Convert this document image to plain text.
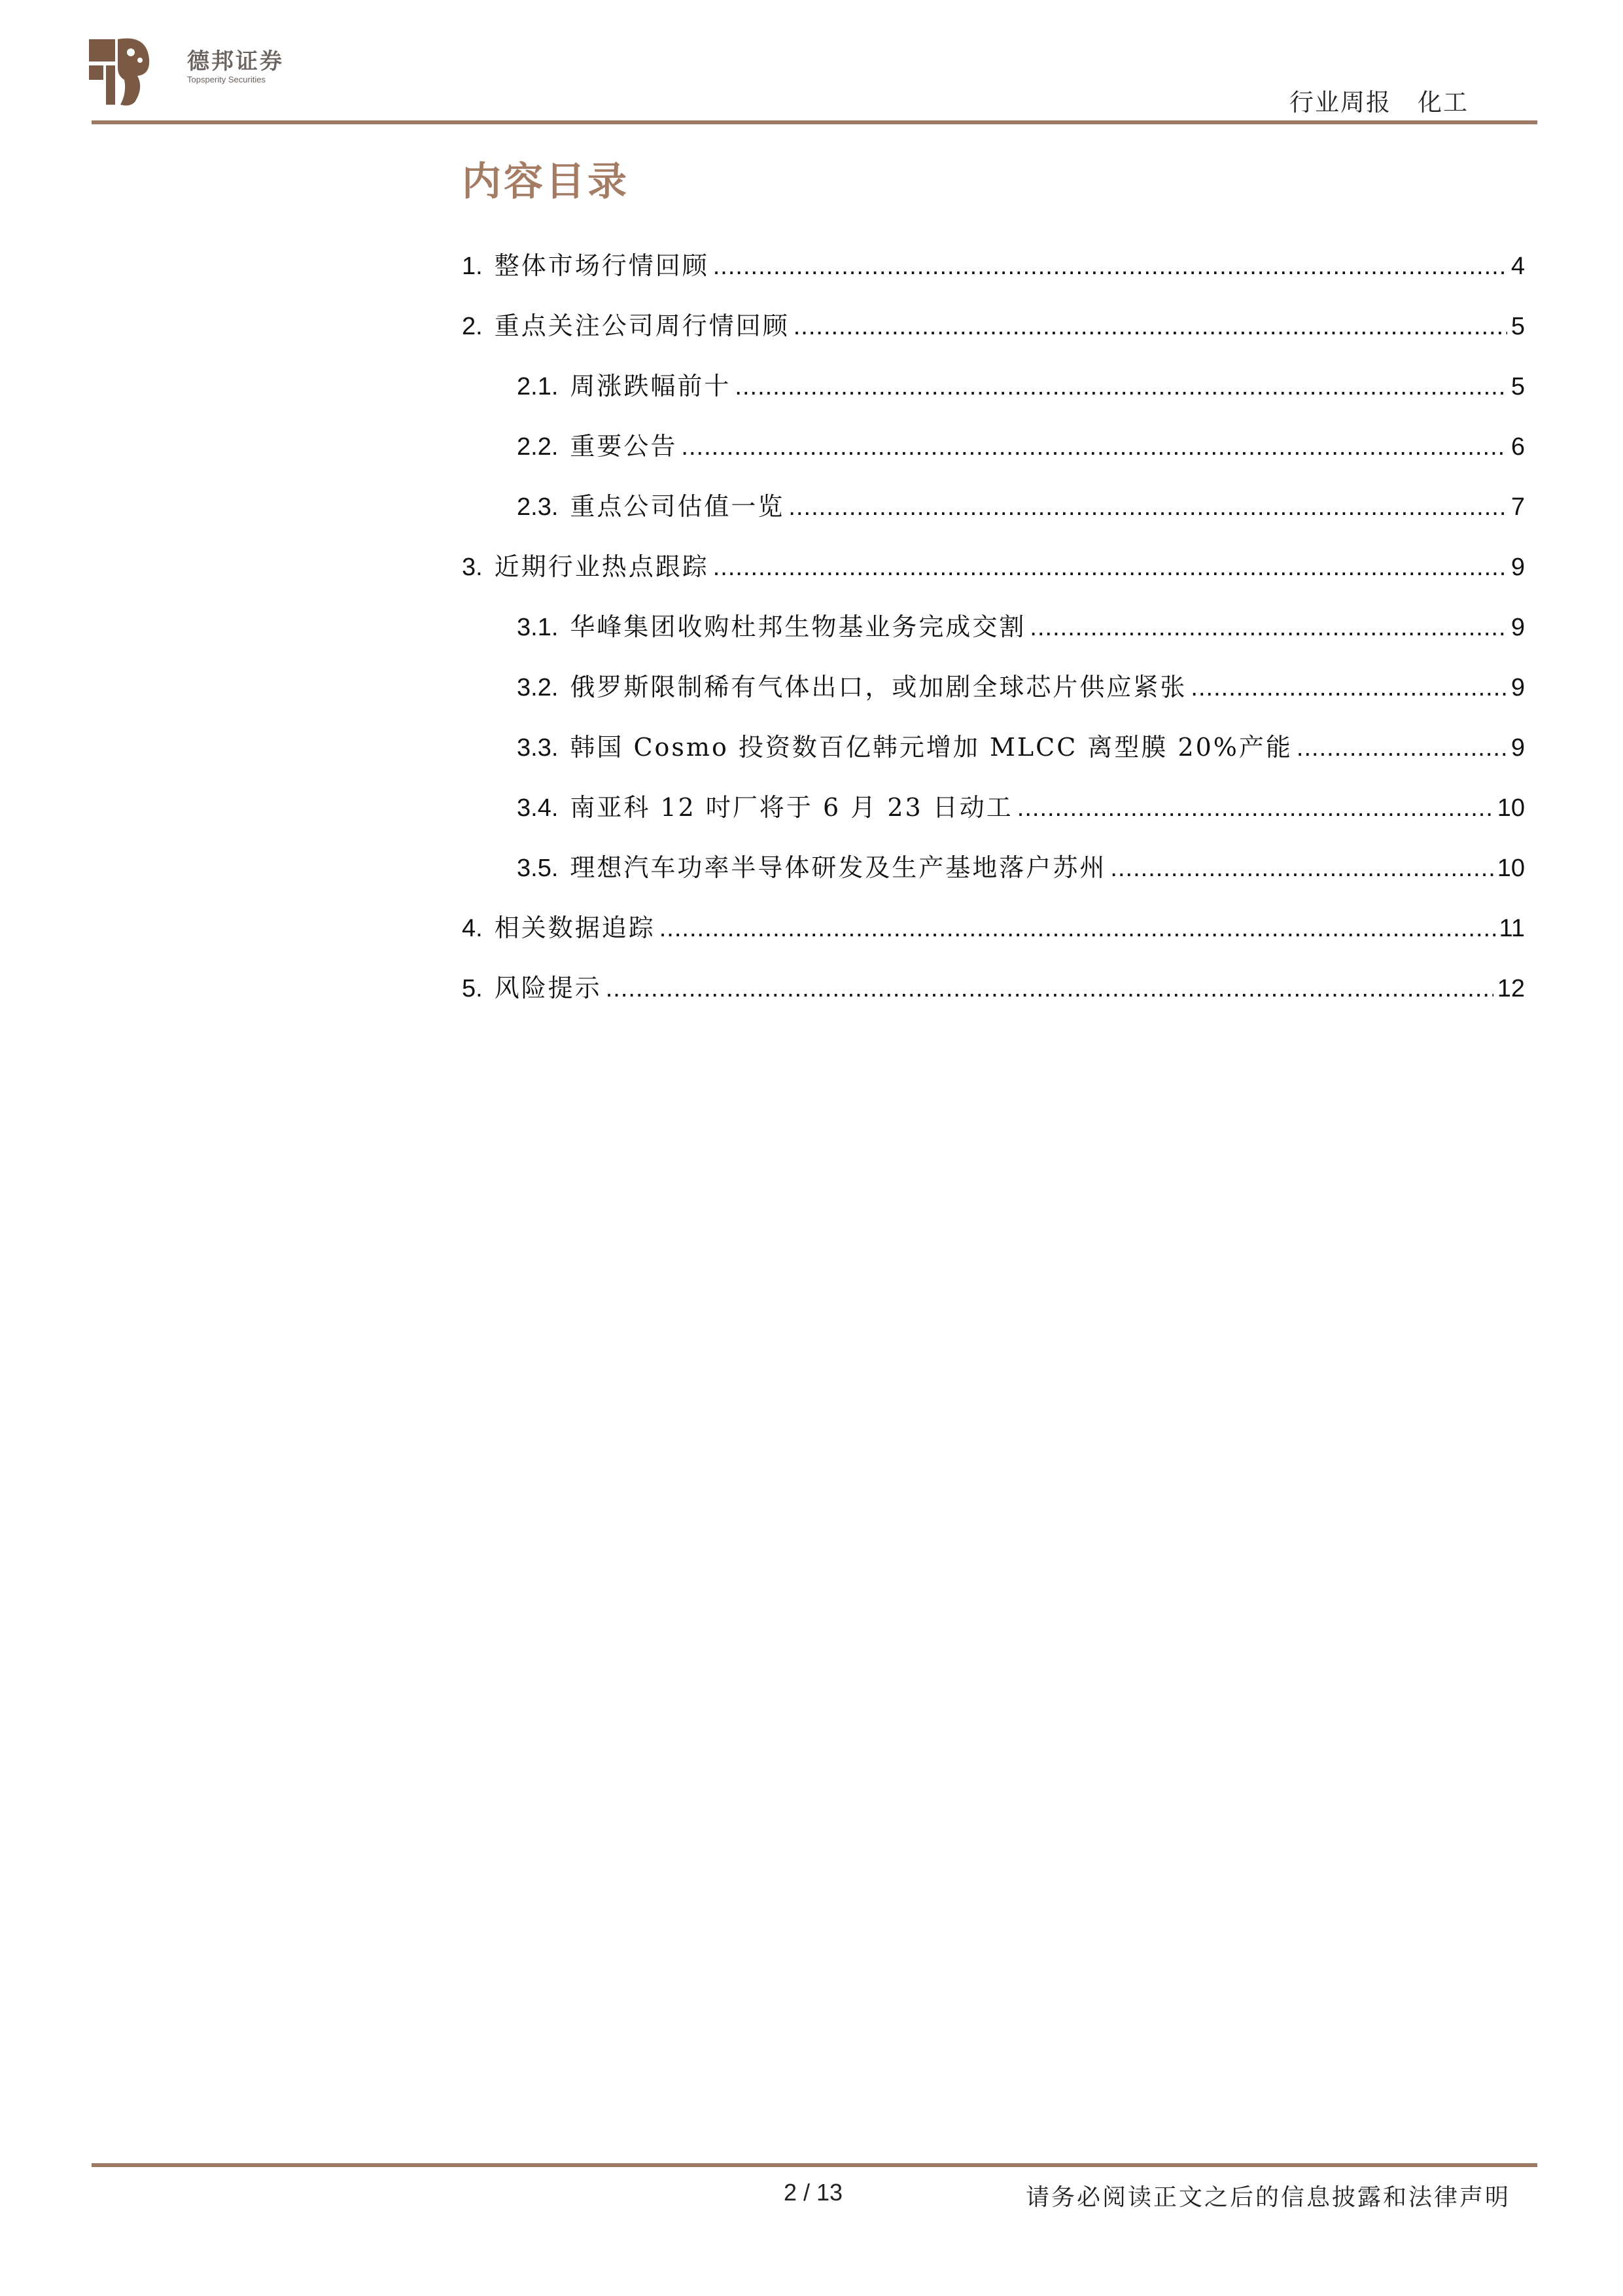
德邦证券
Topsperity Securities
行业周报 化工
内容目录
1. 整体市场行情回顾 .....	4
2. 重点关注公司周行情回顾 .....	5
2.1. 周涨跌幅前十 .....	5
2.2. 重要公告 .....	6
2.3. 重点公司估值一览 .....	7
3. 近期行业热点跟踪 .....	9
3.1. 华峰集团收购杜邦生物基业务完成交割 .....	9
3.2. 俄罗斯限制稀有气体出口，或加剧全球芯片供应紧张 .....	9
3.3. 韩国 Cosmo 投资数百亿韩元增加 MLCC 离型膜 20%产能 .....	9
3.4. 南亚科 12 吋厂将于 6 月 23 日动工 .....	10
3.5. 理想汽车功率半导体研发及生产基地落户苏州 .....	10
4. 相关数据追踪 .....	11
5. 风险提示 .....	12
2 / 13	请务必阅读正文之后的信息披露和法律声明
